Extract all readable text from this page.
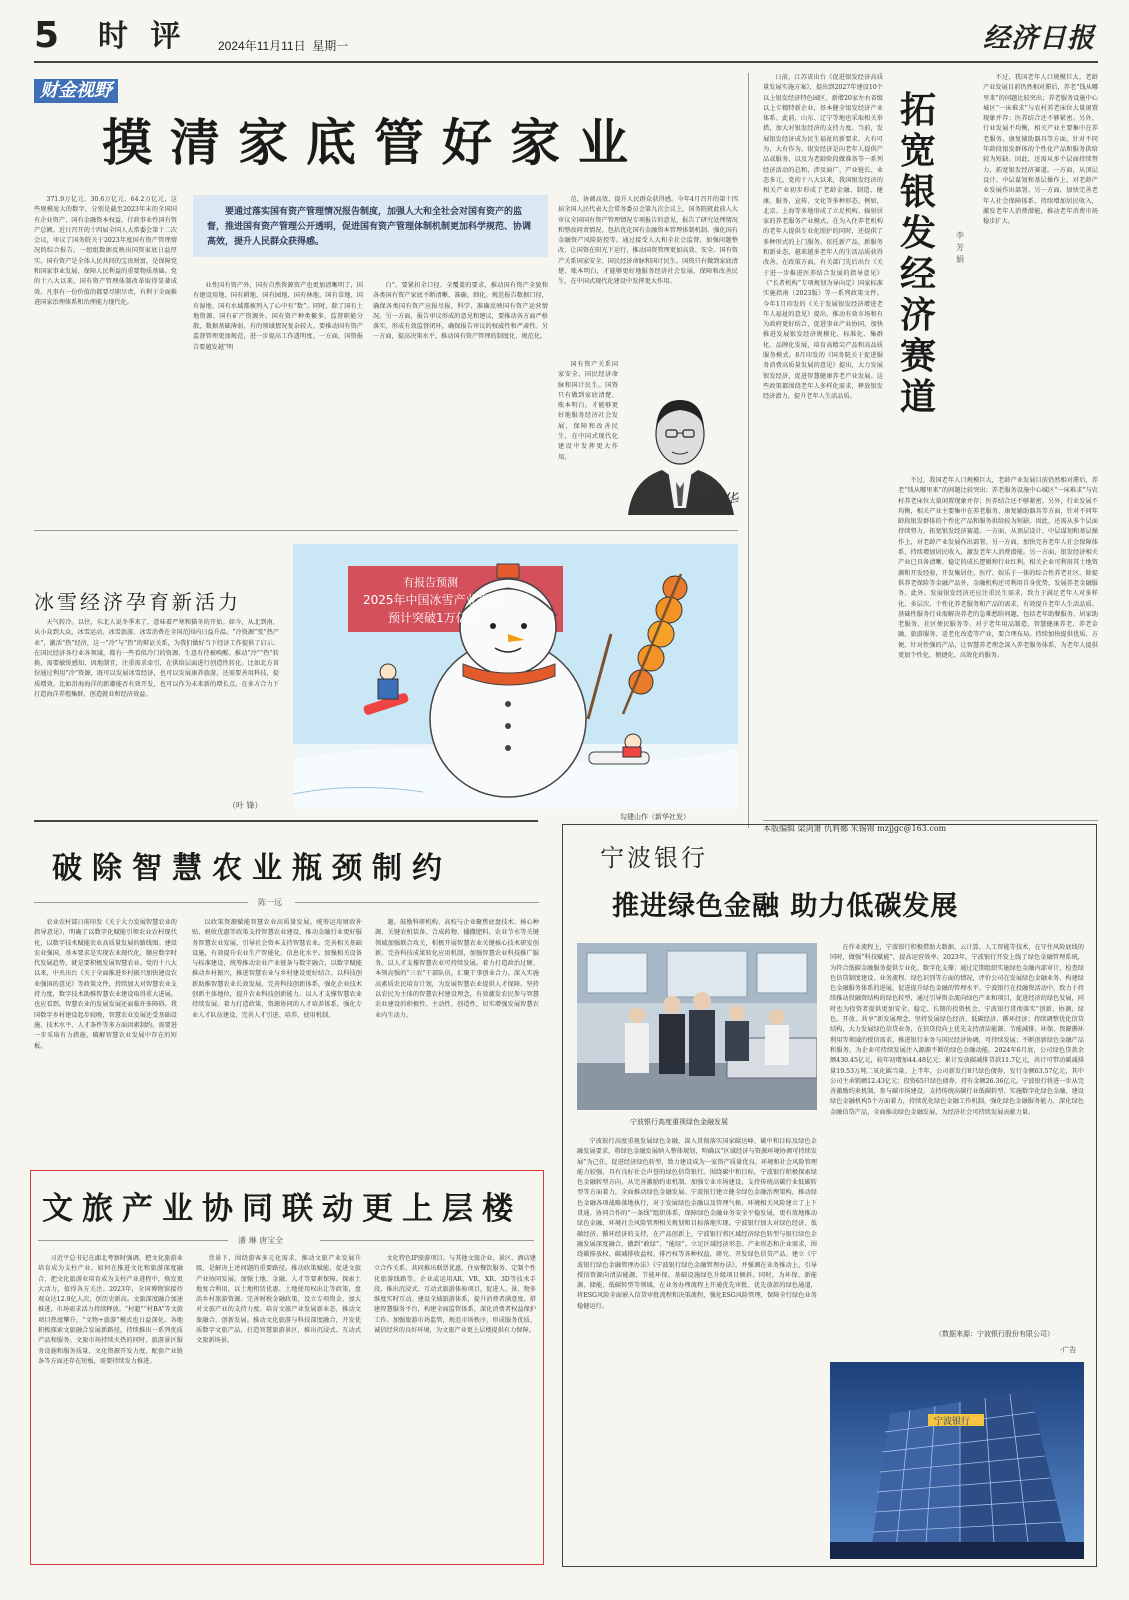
5 时 评	2024年11月11日 星期一	经济日报
财金视野
摸清家底管好家业
371.9万亿元、30.6万亿元、64.2万亿元，这些规模庞大的数字，分别是截至2023年末的全国国有企业资产、国有金融资本权益、行政事业性国有资产总额。近日召开的十四届全国人大常委会第十二次会议，审议了国务院关于2023年度国有资产管理情况的综合报告。一组组数据反映出国资家底日益厚实。国有资产是全体人民共同的宝贵财富，是保障党和国家事业发展、保障人民利益的重要物质基础。党的十八大以来，国有资产管理体制改革取得显著成效。凡事有一份价值的都要尽职尽责，有利于全面推进国家治理体系和治理能力现代化。
要通过落实国有资产管理情况报告制度，加强人大和全社会对国有资产的监督，推进国有资产管理公开透明，促进国有资产管理体制机制更加科学规范、协调高效，提升人民群众获得感。
业性国有资产外，国有自然资源资产也更加清晰明了，国有建设用地、国有耕地、国有园地、国有林地、国有草地、国有湿地、国有水域都被列入了心中有“数”。同时，除了国有土地资源、国有矿产资源外，国有资产种类繁多，监督职能分散，数据基础薄弱，有的领域情况复杂较大。要推动国有资产监督管理更加规范，进一步提高工作透明度。一方面，国资报告要越发越“明
白”。要紧扣全口径、全覆盖的要求，推动国有资产全貌和各类国有资产家底不断清晰、准确、细化。规范报告数据口径，确保各类国有资产应报尽报，科学、准确反映国有资产运营情况。另一方面，报告审议形成的意见和建议，要推动各方面严格落实，形成有效监督闭环，确保报告审议的权威性和严肃性。另一方面，提高决策水平，推动国有资产管理的制度化、规范化。
范、协调高效，提升人民群众获得感。今年4月召开的第十四届全国人民代表大会常务委员会第九次会议上，国务院就此前人大审议全国国有资产管理情况专项报告的意见，报告了研究处理情况和整改问责情况。包括优化国有金融资本管理体制机制、强化国有金融资产风险防控等。通过接受人大和全社会监督，加强问题整改，让国资在阳光下运行，推动国资管理更加高效、安全。国有资产关系国家安全、国民经济命脉和国计民生。国资只有做到家底清楚、账本明白，才能够更好地服务经济社会发展，保障和改善民生，在中国式现代化建设中发挥更大作用。
国有资产关系国家安全、国民经济命脉和国计民生。国资只有做到家底清楚、账本明白，才能够更好地服务经济社会发展，保障和改善民生，在中国式现代化建设中发挥更大作用。
曹金华
日前，江苏省出台《促进银发经济高质量发展实施方案》，提出到2027年建设10个以上银发经济特色园区，新增20家左右省级以上专精特新企业，基本健全银发经济产业体系。此前，山东、辽宁等地也采取相关举措，加大对银发经济的支持力度。当前，发展银发经济成为民生福祉的新要求，大有可为，大有作为。银发经济是向老年人提供产品或服务，以及为老龄阶段做准备等一系列经济活动的总和，涉及面广、产业链长、业态多元。党的十八大以来，我国银发经济的相关产业初步形成了老龄金融、制造、健康、服务、宣传、文化等多种形态。例如，北京、上海等多地形成了立足机构、辐射居家的养老服务产业模式，在为入住养老机构的老年人提供专业化照护的同时，还提供了多种形式的上门服务。依托新产品、新服务和新业态，越来越多老年人的生活品质获得改善。在政策方面，有关部门先后出台《关于进一步推进医养结合发展的指导意见》《“长者机构”专项规划为导向定》国家标准实施指南（2023版）等一系列政策文件。今年1月印发的《关于发展银发经济增进老年人福祉的意见》提出，推动有效市场和有为政府更好结合，促进事业产业协同，加快推进发展银发经济规模化、标准化、集群化、品牌化发展，培育高精尖产品和高品质服务模式。8月印发的《国务院关于促进服务消费高质量发展的意见》提出，大力发展银发经济，促进智慧健康养老产业发展。这些政策都围绕老年人多样化需求，释放银发经济潜力，提升老年人生活品质。
拓宽银发经济赛道
李芳娟
不过，我国老年人口规模巨大，老龄产业发展目前仍然相对滞后，养老“钱从哪里来”的问题比较突出；养老服务设施中心城区“一床难求”与农村养老床位大量闲置现象并存；医养结合还不够紧密。另外，行业发展不均衡，相关产业主要集中在养老服务、康复辅助器具等方面，针对不同年龄段银发群体的个性化产品和服务供给较为短缺。因此，还需从多个层面持续努力，拓宽银发经济赛道。一方面，从顶层设计、中层谋划和基层操作上，对老龄产业发展作出部署。另一方面，加快完善老年人社会保障体系，持续增加居民收入，激发老年人消费潜能，推动老年消费市场稳步扩大。
不过，我国老年人口规模巨大，老龄产业发展目前仍然相对滞后，养老“钱从哪里来”的问题比较突出；养老服务设施中心城区“一床难求”与农村养老床位大量闲置现象并存；医养结合还不够紧密。另外，行业发展不均衡，相关产业主要集中在养老服务、康复辅助器具等方面，针对不同年龄段银发群体的个性化产品和服务供给较为短缺。因此，还需从多个层面持续努力，拓宽银发经济赛道。一方面，从顶层设计、中层谋划和基层操作上，对老龄产业发展作出部署。另一方面，加快完善老年人社会保障体系，持续增加居民收入，激发老年人消费潜能。另一方面，银发经济相关产业已具备清晰、稳定的成长逻辑和行业红利。相关企业可利用其土地资源和开发经验，开发集居住、医疗、娱乐于一体的综合性养老社区。除提供养老保险等金融产品外，金融机构还可利用自身优势，发展养老金融服务。此外，发展银发经济还应注重民生需求，致力于满足老年人对多样化、多层次、个性化养老服务和产品的需求，有效提升老年人生活品质。基础性服务行业需解决养老的急难愁盼问题，包括老年助餐服务、居家助老服务、社区便民服务等。对于老年用品制造、智慧健康养老、养老金融、旅游服务、适老化改造等产业，要合理布局。持续加快提供优质、方便、针对性强的产品，让智慧养老理念深入养老服务体系，为老年人提供更加个性化、便捷化、高效化的服务。
本版编辑 梁剑箫 仇莉娜 朱锡锦 mzjjgc@163.com
冰雪经济孕育新活力
天气转冷。以往，东北人说冬季来了，意味着严寒和猫冬的开始。如今，从北到南，从小众到大众，冰雪运动、冰雪旅游、冰雪消费在全国范围内日益升温。“冷资源”变“热产业”，激活“热”经济，这一“冷”与“热”的辩证关系，为我们做好当下经济工作提供了启示。在国民经济各行业各领域，都有一些看似冷门的资源、生意有待被唤醒。推动“冷”“热”转换，需要敏锐感知，因地制宜，注重需求牵引，在供给层面进行创造性转化。比如北方省份通过利用“冷”资源，既可以发展冰雪经济，也可以发展康养旅游，还需要善用科技，提质增效。比如沿海海洋的新潮能否有效开发，也可以作为未来新的增长点，在多方合力下打造海洋养殖集群，创造就业和经济效益。
（叶 锋）
有报告预测
2025年中国冰雪产业规模
预计突破1万亿元
勾建山作（新华社发）
破除智慧农业瓶颈制约
陈一远
农业农村部日前印发《关于大力发展智慧农业的指导意见》，明确了以数字化赋能引领农业农村现代化，以数字技术赋能农业高质量发展的路线图。建设农业强国，基本要求是实现农业现代化，顺应数字时代发展趋势，就是要积极发展智慧农业。党的十八大以来，中央出台《关于全面推进乡村振兴加快建设农业强国的意见》等政策文件，持续加大对智慧农业支持力度，数字技术助推智慧农业建设取得重大进展。也应看到，智慧农业的发展发展还面临许多障碍。我国数字乡村建设起步较晚，智慧农业发展还受基础设施、技术水平、人才条件等多方面因素制约。需要进一步采取有力措施，破解智慧农业发展中存在的短板。
以政策资源赋能智慧农业高质量发展。统筹运用财政补贴、税收优惠等政策支持智慧农业建设，推动金融行业更好服务智慧农业发展，引导社会资本支持智慧农业。完善相关基础设施，有效提升农业生产智能化、信息化水平。加强相关设备与标准建设，统筹推动农业产业链条与数字融合，以数字赋能推动乡村振兴，推进智慧农业与乡村建设更好结合。以科技创新助推智慧农业长效发展。完善科技创新体系，强化企业技术创新主体地位，提升农业科技创新能力。以人才支撑智慧农业持续发展。着力打造政策、资源协同的人才培养体系，强化专业人才队伍建设，完善人才引进、培养、使用机制。
题。鼓励科研机构、高校与企业聚焦底盘技术、核心种源、关键农机装备、合成药物、播撒肥料、农业节水等关键领域加强联合攻关，积极开展智慧农业关键核心技术研发创新。完善科技成果转化应用机制，加强智慧农业科技推广服务。以人才支撑智慧农业可持续发展。着力打造政治过硬、本领高强的“三农”干部队伍，汇聚干事创业合力。深入实施高素质农民培育计划，为发展智慧农业提供人才保障。坚持以农民为主体的智慧农村建设理念，有效激发农民参与智慧农业建设的积极性、主动性、创造性，切实增强发展智慧农业内生动力。
文旅产业协同联动更上层楼
潘 琳 唐宝全
习近平总书记在湖北考察时强调，把文化旅游业培育成为支柱产业。如何在推进文化和旅游深度融合，把文化旅游业培育成为支柱产业进程中，焕发更大活力，值得各方关注。2023年，全国博物馆接待观众达12.9亿人次，创历史新高。文旅深度融合加速推进，市场需求活力持续释放。“村超”“村BA”等文旅项目热度攀升，“文物+旅游”模式也日益深化。各地积极探索文旅融合发展新路径，持续推出一系列优质产品和服务。文旅市场持续火热的同时，旅游景区服务设施和服务质量、文化资源开发力度、配套产业链条等方面还存在短板，需要持续发力推进。
背景下，围绕游客多元化需求，推动文旅产业发展升级，是解决上述问题的重要路径。推动政策赋能，促进文旅产业协同发展。加强土地、金融、人才等要素保障。探索土地复合利用，以土地租赁优惠、土地使用权出让等政策，盘活乡村旅游资源。完善财税金融政策，设立专项资金，加大对文旅产业的支持力度。培育文旅产业发展新业态，推动文旅融合、创新发展。推动文化旅游与科技深度融合，开发优质数字文旅产品，打造智慧旅游景区，推出沉浸式、互动式文旅新场景。
文化特色IP旅游项目。与其他文旅企业、景区、酒店建立合作关系，共同推出联票优惠、住宿餐饮服务、定制个性化旅游线路等。企业或运用AR、VR、XR、3D等技术手段，推出沉浸式、互动式旅游体验项目，促进人、景、物多维度实时互动。建设全域旅游体系，提升消费者满意度。搭建智慧服务平台，构建全面监管体系，深化消费者权益保护工作。加强旅游市场监管，规范市场秩序，形成服务优质、诚信经营的良好环境，为文旅产业更上层楼提供有力保障。
宁波银行
推进绿色金融 助力低碳发展
宁波银行高度重视绿色金融发展
宁波银行高度重视发展绿色金融，深入贯彻落实国家碳达峰、碳中和目标及绿色金融发展要求，将绿色金融发展纳入整体规划，明确以“区域经济与资源环境协调可持续发展”为己任，促进经济绿色转型，致力建设成为一家资产质量优良、环境和社会风险管理能力较强、具有良好社会声誉的绿色信贷银行。围绕碳中和目标，宁波银行积极探索绿色金融转型方向，从完善激励约束机制、加强专业市场建设、支持传统高碳行业低碳转型等方面着力，全面推动绿色金融发展。宁波银行建立健全绿色金融治理架构，推动绿色金融各项战略落地执行，对于发展绿色金融以及管理气候、环境相关风险建立了上下贯通、协同合作的“一条线”组织体系，保障绿色金融业务安全平稳发展，更有效地推动绿色金融、环境社会风险管理相关规划和目标落地实现。宁波银行加大对绿色经济、低碳经济、循环经济的支持，在产品创新上，宁波银行将区域经济绿色转型与银行绿色金融发展深度融合，做到“敢绿”、“能绿”。立足区域经济形态、产业形态和企业需求，围绕碳排放权、碳减排收益权、排污权等各种权益，研究、开发绿色信贷产品。建立《宁波银行绿色金融管理办法》《宁波银行绿色金融管理办法》，并强调在业务推动上，引导授信资源向清洁能源、节能环保、基础设施绿色升级项目倾斜。同时，为环保、新能源、储能、低碳转型等领域，在业务办理流程上开通优先审批、优先放款的绿色通道，将ESG风险全面嵌入信贷审批流程和决策流程，强化ESG风险管理，保障全行绿色业务稳健运行。
在作业流程上，宁波银行积极借助大数据、云计算、人工智能等技术，在守住风险底线的同时，做强“科技赋能”，提高运营效率。2023年，宁波银行开发上线了绿色金融管理系统，为符合低碳金融服务提供专业化、数字化支撑；通过定期组织实施绿色金融内部审计，检查绿色信贷制度建设、业务流程、绿色识别等方面的情况，评价公司在发展绿色金融业务、构建绿色金融服务体系的进展，促进提升绿色金融的管理水平。宁波银行在投融资活动中，致力于持续推动投融资结构的绿色转型，通过引导资金流向绿色产业和项目，促进经济的绿色发展，同时也为投资者提供更加安全、稳定、长期的投资机会。宁波银行贯彻落实“创新、协调、绿色、开放、共享”新发展理念，坚持发展绿色经济、低碳经济、循环经济；持续调整优化信贷结构，大力发展绿色信贷业务，在信贷投向上优先支持清洁能源、节能减排、环保、资源循环利用等领域的授信需求，推进银行业务与国民经济协调，可持续发展；不断创新绿色金融产品和服务，为企业可持续发展注入源源不断的绿色金融动能。2024年6月底，公司绿色贷款余额430.45亿元，较年初增加44.48亿元；累计发放碳减排贷款11.7亿元，共计可带动碳减排量19.53万吨二氧化碳当量。上半年，公司新发行8只绿色债券，发行金额63.57亿元，其中公司主承销额12.43亿元；投资65只绿色债券，持有金额26.36亿元。宁波银行将进一步从完善激励约束机制、参与碳市场建设、支持传统高碳行业低碳转型、实施数字化绿色金融、建设绿色金融机构5个方面着力，持续优化绿色金融工作机制，强化绿色金融服务能力，深化绿色金融信贷产品，全面推动绿色金融发展，为经济社会可持续发展贡献力量。
（数据来源：宁波银行股份有限公司）
·广告
宁波银行
